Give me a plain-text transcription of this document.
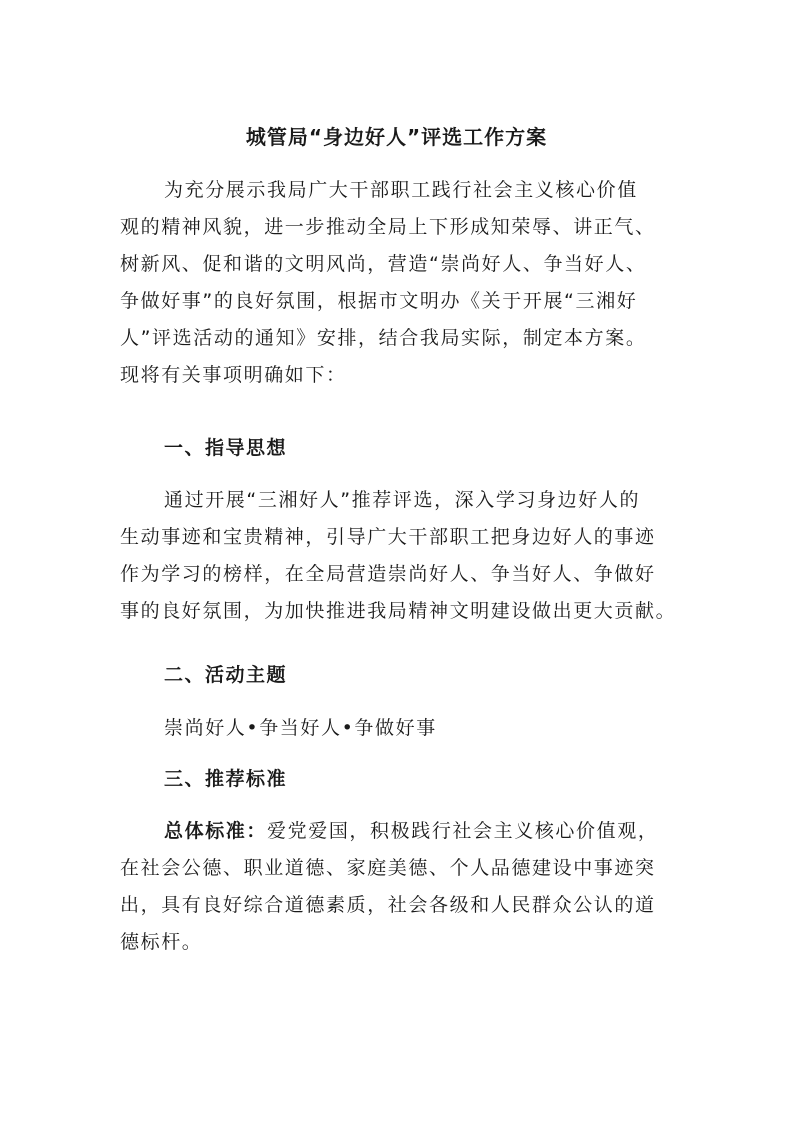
城管局“身边好人”评选工作方案
为充分展示我局广大干部职工践行社会主义核心价值
观的精神风貌，进一步推动全局上下形成知荣辱、讲正气、
树新风、促和谐的文明风尚，营造“崇尚好人、争当好人、
争做好事”的良好氛围，根据市文明办《关于开展“三湘好
人”评选活动的通知》安排，结合我局实际，制定本方案。
现将有关事项明确如下：
一、指导思想
通过开展“三湘好人”推荐评选，深入学习身边好人的
生动事迹和宝贵精神，引导广大干部职工把身边好人的事迹
作为学习的榜样，在全局营造崇尚好人、争当好人、争做好
事的良好氛围，为加快推进我局精神文明建设做出更大贡献。
二、活动主题
崇尚好人•争当好人•争做好事
三、推荐标准
总体标准：爱党爱国，积极践行社会主义核心价值观，
在社会公德、职业道德、家庭美德、个人品德建设中事迹突
出，具有良好综合道德素质，社会各级和人民群众公认的道
德标杆。
